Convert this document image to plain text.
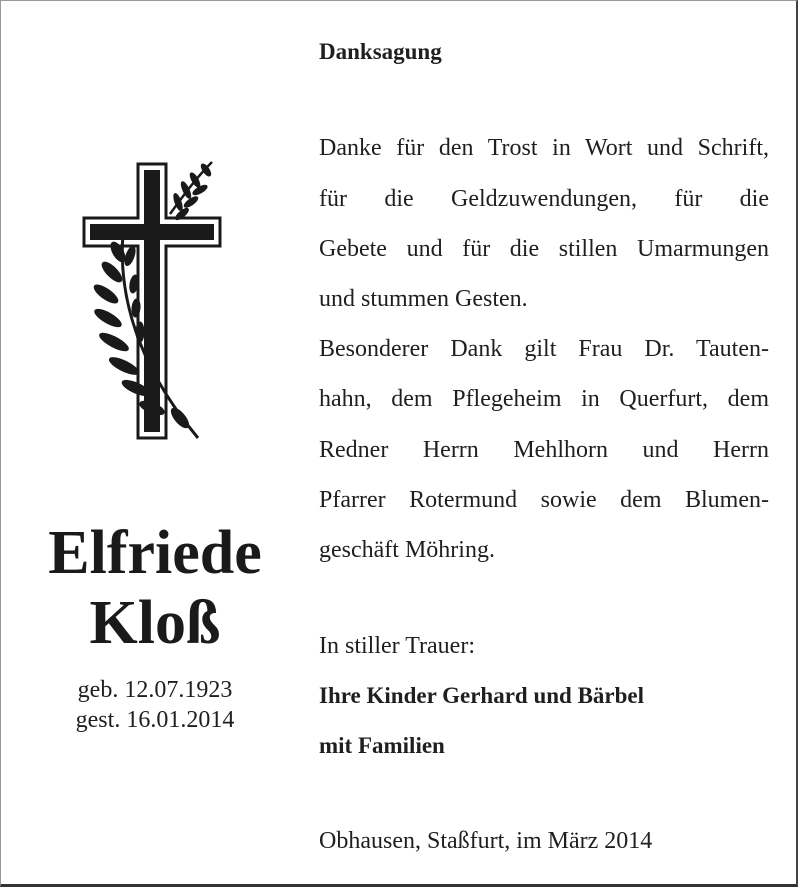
Elfriede
Kloß
geb. 12.07.1923
gest. 16.01.2014
Danksagung
Danke für den Trost in Wort und Schrift,
für die Geldzuwendungen, für die
Gebete und für die stillen Umarmungen
und stummen Gesten.
Besonderer Dank gilt Frau Dr. Tauten-
hahn, dem Pflegeheim in Querfurt, dem
Redner Herrn Mehlhorn und Herrn
Pfarrer Rotermund sowie dem Blumen-
geschäft Möhring.
In stiller Trauer:
Ihre Kinder Gerhard und Bärbel
mit Familien
Obhausen, Staßfurt, im März 2014
